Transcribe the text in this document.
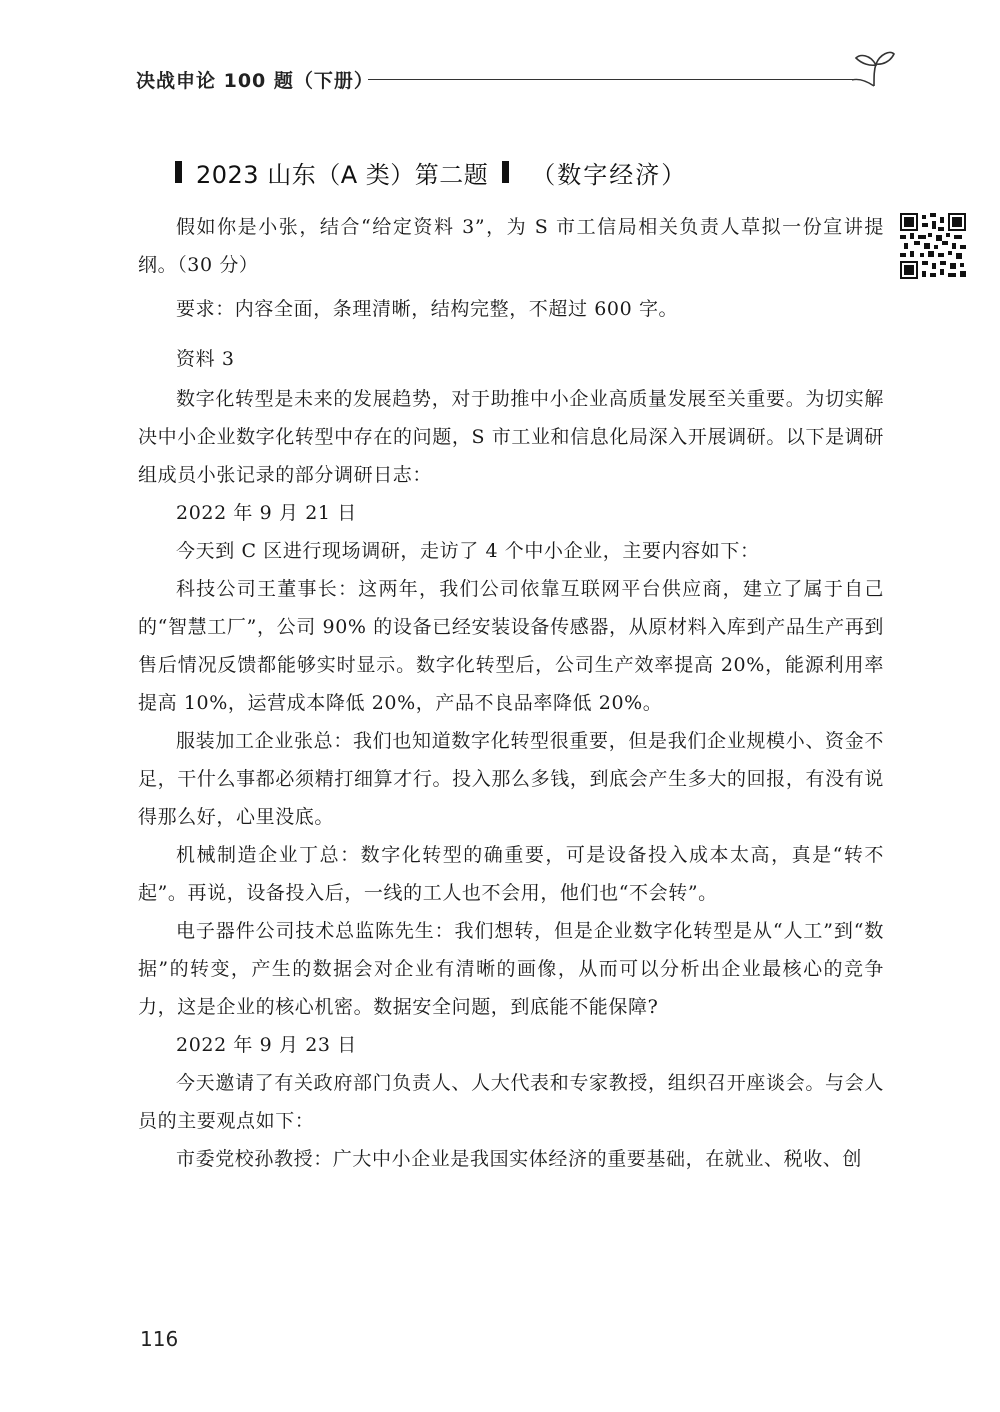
决战申论 100 题（下册）
2023 山东（A 类）第二题 （数字经济）

假如你是小张，结合“给定资料 3”，为 S 市工信局相关负责人草拟一份宣讲提纲。（30 分）

要求：内容全面，条理清晰，结构完整，不超过 600 字。

资料 3

数字化转型是未来的发展趋势，对于助推中小企业高质量发展至关重要。为切实解决中小企业数字化转型中存在的问题，S 市工业和信息化局深入开展调研。以下是调研组成员小张记录的部分调研日志：

2022 年 9 月 21 日

今天到 C 区进行现场调研，走访了 4 个中小企业，主要内容如下：

科技公司王董事长：这两年，我们公司依靠互联网平台供应商，建立了属于自己的“智慧工厂”，公司 90% 的设备已经安装设备传感器，从原材料入库到产品生产再到售后情况反馈都能够实时显示。数字化转型后，公司生产效率提高 20%，能源利用率提高 10%，运营成本降低 20%，产品不良品率降低 20%。

服装加工企业张总：我们也知道数字化转型很重要，但是我们企业规模小、资金不足，干什么事都必须精打细算才行。投入那么多钱，到底会产生多大的回报，有没有说得那么好，心里没底。

机械制造企业丁总：数字化转型的确重要，可是设备投入成本太高，真是“转不起”。再说，设备投入后，一线的工人也不会用，他们也“不会转”。

电子器件公司技术总监陈先生：我们想转，但是企业数字化转型是从“人工”到“数据”的转变，产生的数据会对企业有清晰的画像，从而可以分析出企业最核心的竞争力，这是企业的核心机密。数据安全问题，到底能不能保障?

2022 年 9 月 23 日

今天邀请了有关政府部门负责人、人大代表和专家教授，组织召开座谈会。与会人员的主要观点如下：

市委党校孙教授：广大中小企业是我国实体经济的重要基础，在就业、税收、创

116
